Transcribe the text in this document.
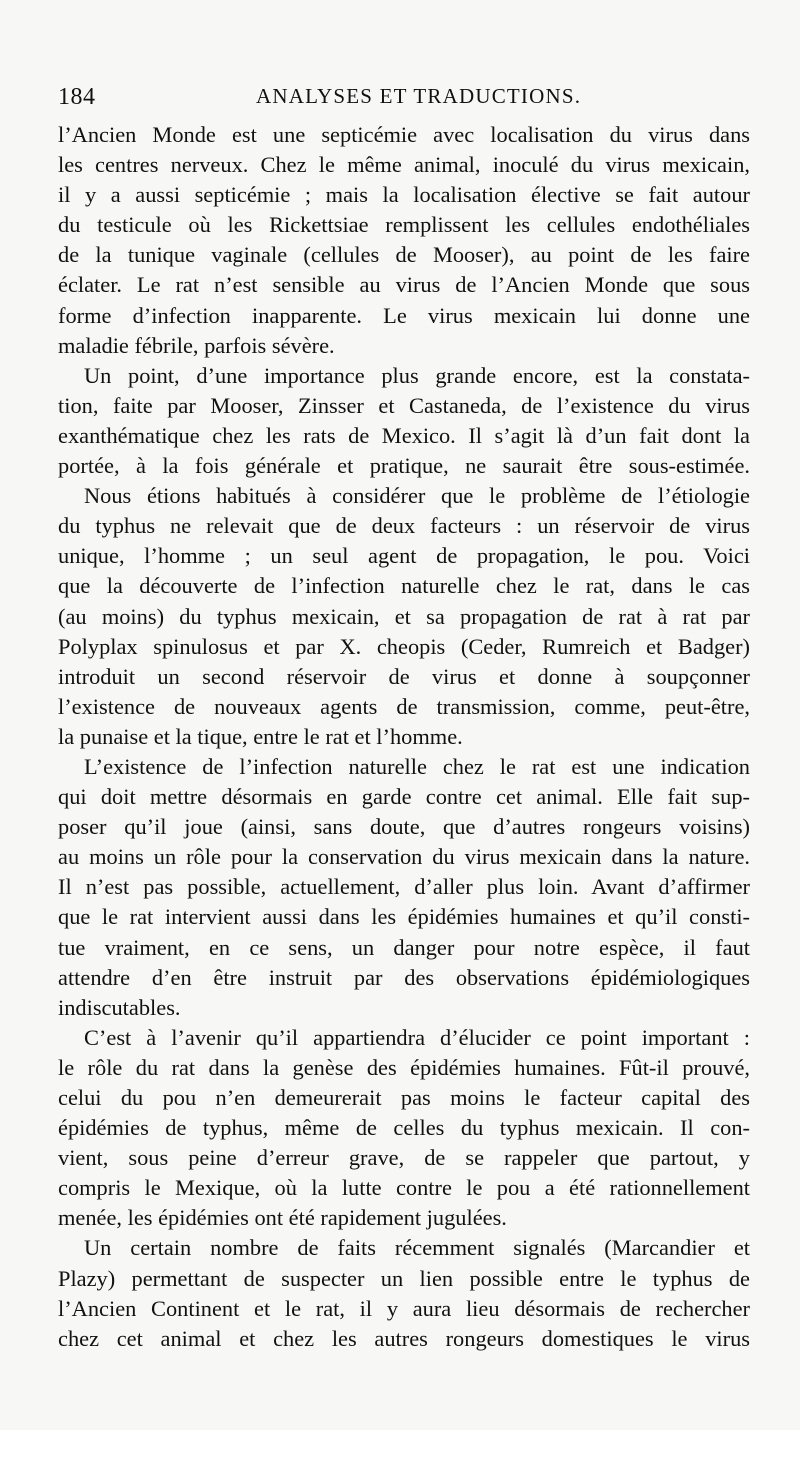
184	ANALYSES ET TRADUCTIONS.
l’Ancien Monde est une septicémie avec localisation du virus dans
les centres nerveux. Chez le même animal, inoculé du virus mexicain,
il y a aussi septicémie ; mais la localisation élective se fait autour
du testicule où les Rickettsiae remplissent les cellules endothéliales
de la tunique vaginale (cellules de Mooser), au point de les faire
éclater. Le rat n’est sensible au virus de l’Ancien Monde que sous
forme d’infection inapparente. Le virus mexicain lui donne une
maladie fébrile, parfois sévère.
Un point, d’une importance plus grande encore, est la constata-
tion, faite par Mooser, Zinsser et Castaneda, de l’existence du virus
exanthématique chez les rats de Mexico. Il s’agit là d’un fait dont la
portée, à la fois générale et pratique, ne saurait être sous-estimée.
Nous étions habitués à considérer que le problème de l’étiologie
du typhus ne relevait que de deux facteurs : un réservoir de virus
unique, l’homme ; un seul agent de propagation, le pou. Voici
que la découverte de l’infection naturelle chez le rat, dans le cas
(au moins) du typhus mexicain, et sa propagation de rat à rat par
Polyplax spinulosus et par X. cheopis (Ceder, Rumreich et Badger)
introduit un second réservoir de virus et donne à soupçonner
l’existence de nouveaux agents de transmission, comme, peut-être,
la punaise et la tique, entre le rat et l’homme.
L’existence de l’infection naturelle chez le rat est une indication
qui doit mettre désormais en garde contre cet animal. Elle fait sup-
poser qu’il joue (ainsi, sans doute, que d’autres rongeurs voisins)
au moins un rôle pour la conservation du virus mexicain dans la nature.
Il n’est pas possible, actuellement, d’aller plus loin. Avant d’affirmer
que le rat intervient aussi dans les épidémies humaines et qu’il consti-
tue vraiment, en ce sens, un danger pour notre espèce, il faut
attendre d’en être instruit par des observations épidémiologiques
indiscutables.
C’est à l’avenir qu’il appartiendra d’élucider ce point important :
le rôle du rat dans la genèse des épidémies humaines. Fût-il prouvé,
celui du pou n’en demeurerait pas moins le facteur capital des
épidémies de typhus, même de celles du typhus mexicain. Il con-
vient, sous peine d’erreur grave, de se rappeler que partout, y
compris le Mexique, où la lutte contre le pou a été rationnellement
menée, les épidémies ont été rapidement jugulées.
Un certain nombre de faits récemment signalés (Marcandier et
Plazy) permettant de suspecter un lien possible entre le typhus de
l’Ancien Continent et le rat, il y aura lieu désormais de rechercher
chez cet animal et chez les autres rongeurs domestiques le virus
